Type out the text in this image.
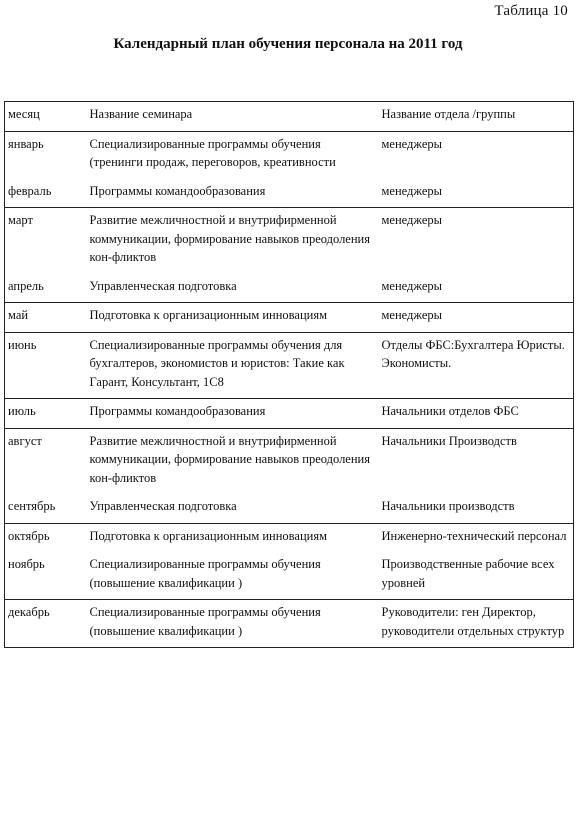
Таблица 10
Календарный план обучения персонала на 2011 год
месяц	Название семинара	Название отдела /группы
январь	Специализированные программы обучения (тренинги продаж, переговоров, креативности	менеджеры
февраль	Программы командообразования	менеджеры
март	Развитие межличностной и внутрифирменной коммуникации, формирование навыков преодоления кон-фликтов	менеджеры
апрель	Управленческая подготовка	менеджеры
май	Подготовка к организационным инновациям	менеджеры
июнь	Специализированные программы обучения для бухгалтеров, экономистов и юристов: Такие как Гарант, Консультант, 1С8	Отделы ФБС:Бухгалтера Юристы. Экономисты.
июль	Программы командообразования	Начальники отделов ФБС
август	Развитие межличностной и внутрифирменной коммуникации, формирование навыков преодоления кон-фликтов	Начальники Производств
сентябрь	Управленческая подготовка	Начальники производств
октябрь	Подготовка к организационным инновациям	Инженерно-технический персонал
ноябрь	Специализированные программы обучения (повышение квалификации )	Производственные рабочие всех уровней
декабрь	Специализированные программы обучения (повышение квалификации )	Руководители: ген Директор, руководители отдельных структур
